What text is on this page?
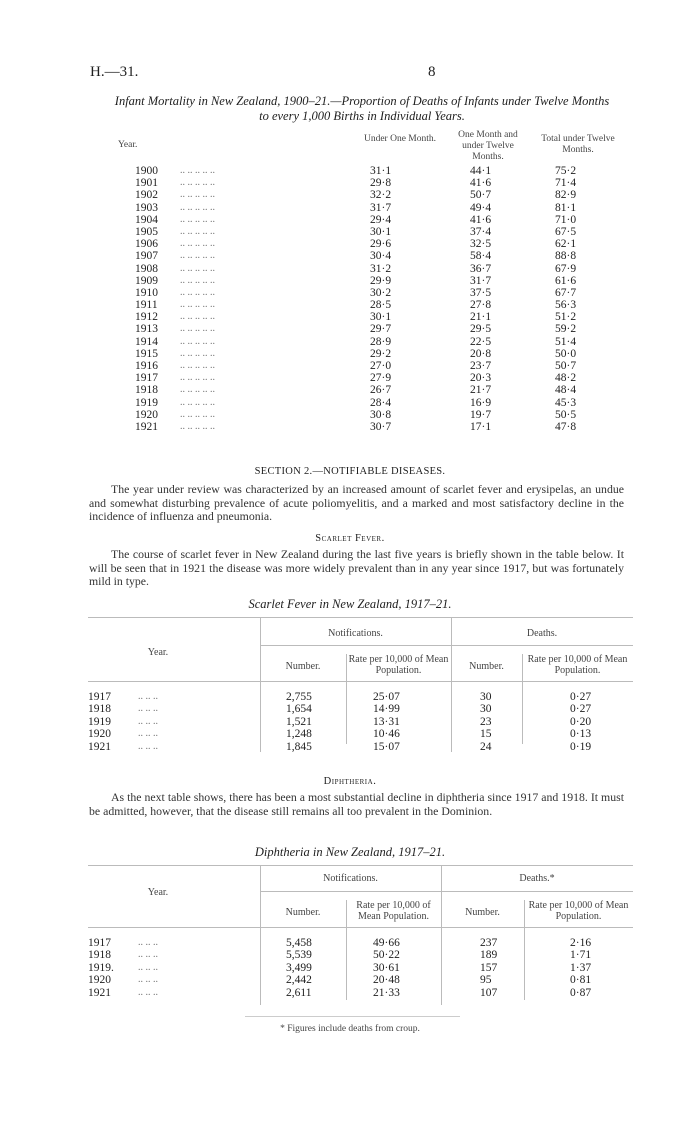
H.—31.	8
Infant Mortality in New Zealand, 1900–21.—Proportion of Deaths of Infants under Twelve Months
to every 1,000 Births in Individual Years.
Year.
Under One Month.	One Month and under Twelve Months.
Total under Twelve Months.
1900 .. .. .. .. ..	31·1	44·1	75·2
1901 .. .. .. .. ..	29·8	41·6	71·4
1902 .. .. .. .. ..	32·2	50·7	82·9
1903 .. .. .. .. ..	31·7	49·4	81·1
1904 .. .. .. .. ..	29·4	41·6	71·0
1905 .. .. .. .. ..	30·1	37·4	67·5
1906 .. .. .. .. ..	29·6	32·5	62·1
1907 .. .. .. .. ..	30·4	58·4	88·8
1908 .. .. .. .. ..	31·2	36·7	67·9
1909 .. .. .. .. ..	29·9	31·7	61·6
1910 .. .. .. .. ..	30·2	37·5	67·7
1911 .. .. .. .. ..	28·5	27·8	56·3
1912 .. .. .. .. ..	30·1	21·1	51·2
1913 .. .. .. .. ..	29·7	29·5	59·2
1914 .. .. .. .. ..	28·9	22·5	51·4
1915 .. .. .. .. ..	29·2	20·8	50·0
1916 .. .. .. .. ..	27·0	23·7	50·7
1917 .. .. .. .. ..	27·9	20·3	48·2
1918 .. .. .. .. ..	26·7	21·7	48·4
1919 .. .. .. .. ..	28·4	16·9	45·3
1920 .. .. .. .. ..	30·8	19·7	50·5
1921 .. .. .. .. ..	30·7	17·1	47·8
SECTION 2.—NOTIFIABLE DISEASES.

The year under review was characterized by an increased amount of scarlet fever and erysipelas, an undue and somewhat disturbing prevalence of acute poliomyelitis, and a marked and most satisfactory decline in the incidence of influenza and pneumonia.

Scarlet Fever.

The course of scarlet fever in New Zealand during the last five years is briefly shown in the table below. It will be seen that in 1921 the disease was more widely prevalent than in any year since 1917, but was fortunately mild in type.

Scarlet Fever in New Zealand, 1917–21.
Year.
Notifications.	Deaths.
Number.
Rate per 10,000 of Mean Population.	Number.
Rate per 10,000 of Mean Population.
1917	.. .. ..	2,755	25·07	30	0·27
1918	.. .. ..	1,654	14·99	30	0·27
1919	.. .. ..	1,521	13·31	23	0·20
1920	.. .. ..	1,248	10·46	15	0·13
1921	.. .. ..	1,845	15·07	24	0·19
Diphtheria.

As the next table shows, there has been a most substantial decline in diphtheria since 1917 and 1918. It must be admitted, however, that the disease still remains all too prevalent in the Dominion.

Diphtheria in New Zealand, 1917–21.
Year.
Notifications.	Deaths.*
Number.
Rate per 10,000 of Mean Population.	Number.
Rate per 10,000 of Mean Population.
1917	.. .. ..	5,458	49·66	237	2·16
1918	.. .. ..	5,539	50·22	189	1·71
1919. .. .. ..	3,499	30·61	157	1·37
1920	.. .. ..	2,442	20·48	95	0·81
1921	.. .. ..	2,611	21·33	107	0·87
* Figures include deaths from croup.
